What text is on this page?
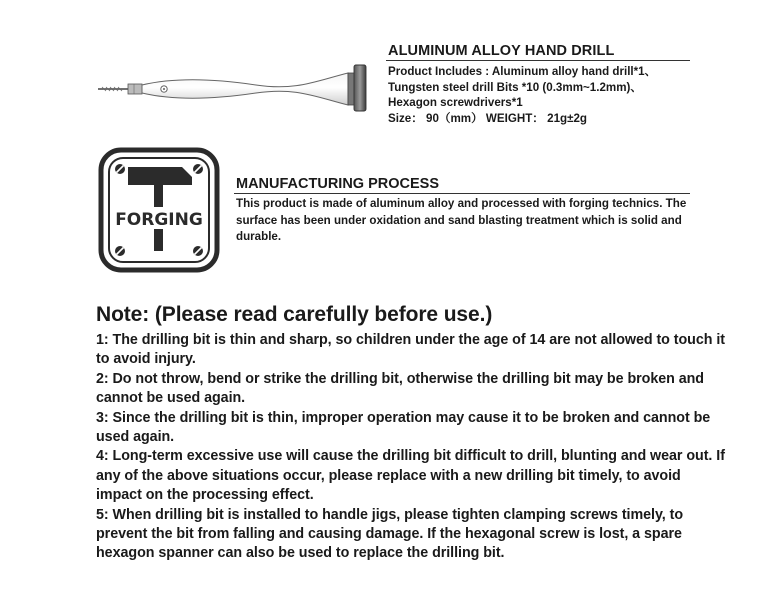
ALUMINUM ALLOY HAND DRILL
Product Includes : Aluminum alloy hand drill*1、
Tungsten steel drill Bits *10 (0.3mm~1.2mm)、
Hexagon screwdrivers*1
Size： 90（mm） WEIGHT： 21g±2g
FORGING
MANUFACTURING PROCESS
This product is made of aluminum alloy and processed with forging technics. The surface has been under oxidation and sand blasting treatment which is solid and durable.
Note: (Please read carefully before use.)
1: The drilling bit is thin and sharp, so children under the age of 14 are not allowed to touch it to avoid injury.
2: Do not throw, bend or strike the drilling bit, otherwise the drilling bit may be broken and cannot be used again.
3: Since the drilling bit is thin, improper operation may cause it to be broken and cannot be used again.
4: Long-term excessive use will cause the drilling bit difficult to drill, blunting and wear out. If any of the above situations occur, please replace with a new drilling bit timely, to avoid impact on the processing effect.
5: When drilling bit is installed to handle jigs, please tighten clamping screws timely, to prevent the bit from falling and causing damage. If the hexagonal screw is lost, a spare hexagon spanner can also be used to replace the drilling bit.
